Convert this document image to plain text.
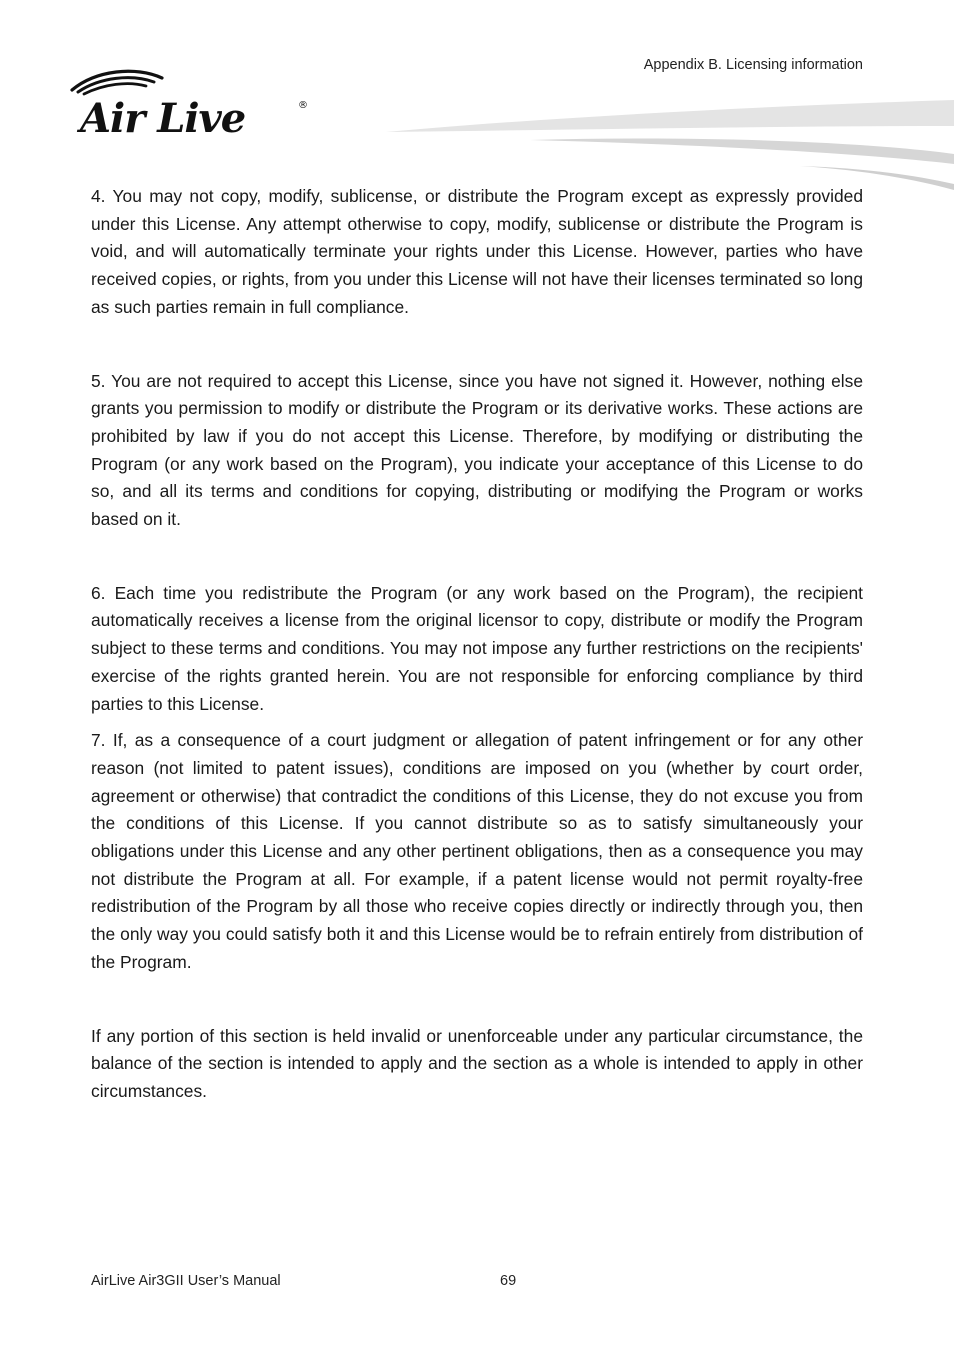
Appendix B. Licensing information
Air Live	®

4. You may not copy, modify, sublicense, or distribute the Program except as expressly provided under this License. Any attempt otherwise to copy, modify, sublicense or distribute the Program is void, and will automatically terminate your rights under this License. However, parties who have received copies, or rights, from you under this License will not have their licenses terminated so long as such parties remain in full compliance.

5. You are not required to accept this License, since you have not signed it. However, nothing else grants you permission to modify or distribute the Program or its derivative works. These actions are prohibited by law if you do not accept this License. Therefore, by modifying or distributing the Program (or any work based on the Program), you indicate your acceptance of this License to do so, and all its terms and conditions for copying, distributing or modifying the Program or works based on it.

6. Each time you redistribute the Program (or any work based on the Program), the recipient automatically receives a license from the original licensor to copy, distribute or modify the Program subject to these terms and conditions. You may not impose any further restrictions on the recipients' exercise of the rights granted herein. You are not responsible for enforcing compliance by third parties to this License.

7. If, as a consequence of a court judgment or allegation of patent infringement or for any other reason (not limited to patent issues), conditions are imposed on you (whether by court order, agreement or otherwise) that contradict the conditions of this License, they do not excuse you from the conditions of this License. If you cannot distribute so as to satisfy simultaneously your obligations under this License and any other pertinent obligations, then as a consequence you may not distribute the Program at all. For example, if a patent license would not permit royalty-free redistribution of the Program by all those who receive copies directly or indirectly through you, then the only way you could satisfy both it and this License would be to refrain entirely from distribution of the Program.

If any portion of this section is held invalid or unenforceable under any particular circumstance, the balance of the section is intended to apply and the section as a whole is intended to apply in other circumstances.

AirLive Air3GII User’s Manual	69
